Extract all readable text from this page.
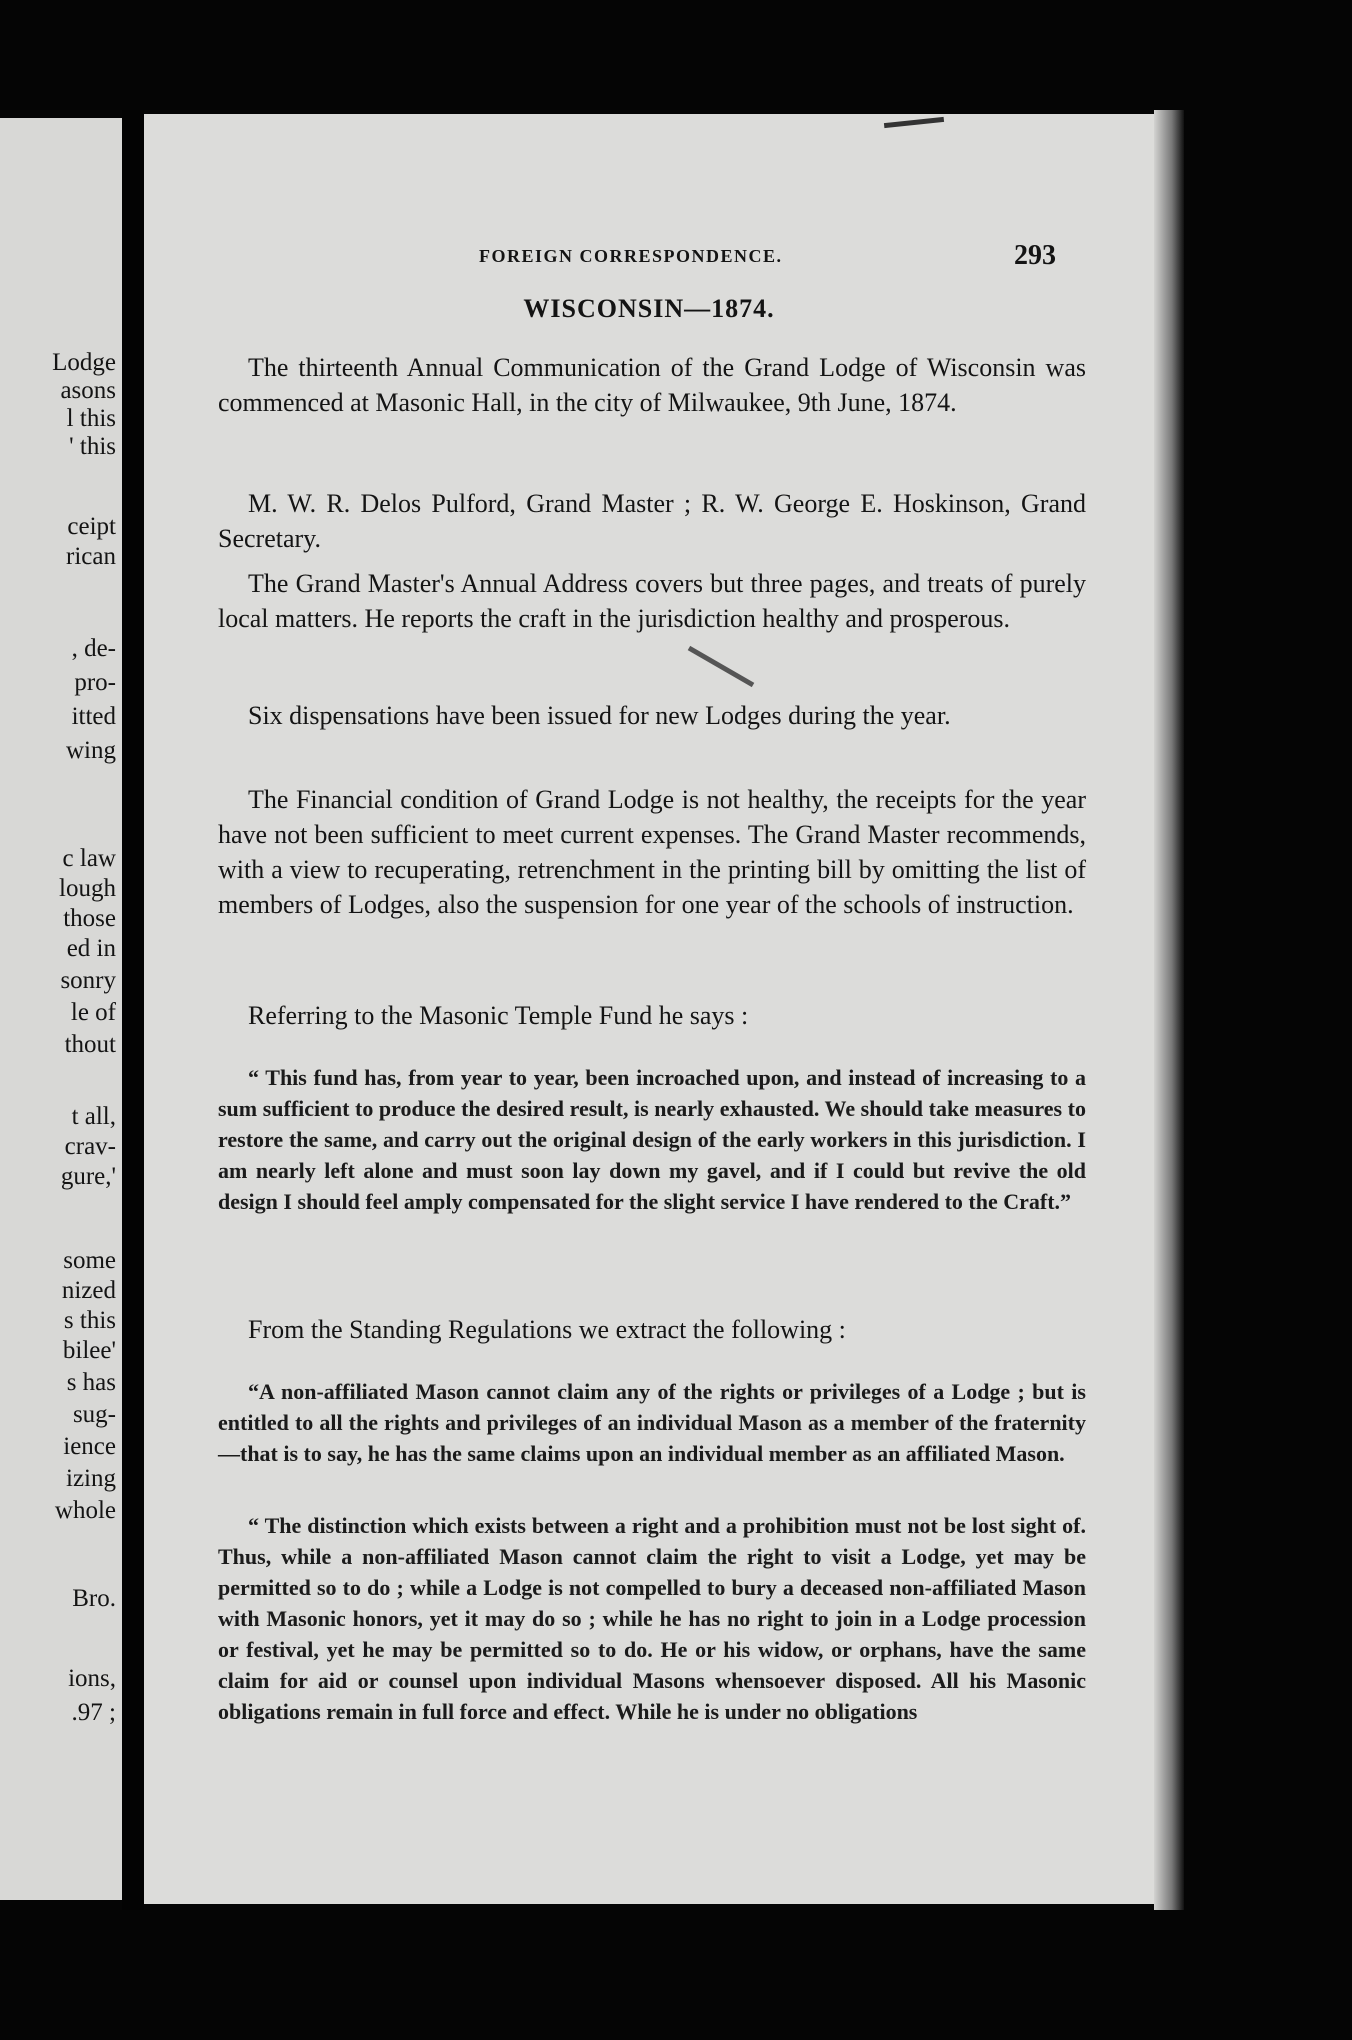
Lodge
asons
l this
' this
ceipt
rican
, de-
pro-
itted
wing
c law
lough
those
ed in
sonry
le of
thout
t all,
crav-
gure,'
some
nized
s this
bilee'
s has
sug-
ience
izing
whole
Bro.
ions,
.97 ;
FOREIGN CORRESPONDENCE.	293
WISCONSIN—1874.
The thirteenth Annual Communication of the Grand Lodge of Wisconsin was commenced at Masonic Hall, in the city of Milwaukee, 9th June, 1874.
M. W. R. Delos Pulford, Grand Master ; R. W. George E. Hoskinson, Grand Secretary.
The Grand Master's Annual Address covers but three pages, and treats of purely local matters. He reports the craft in the jurisdiction healthy and prosperous.
Six dispensations have been issued for new Lodges during the year.
The Financial condition of Grand Lodge is not healthy, the receipts for the year have not been sufficient to meet current expenses. The Grand Master recommends, with a view to recuperating, retrenchment in the printing bill by omitting the list of members of Lodges, also the suspension for one year of the schools of instruction.
Referring to the Masonic Temple Fund he says :
“ This fund has, from year to year, been incroached upon, and instead of increasing to a sum sufficient to produce the desired result, is nearly exhausted. We should take measures to restore the same, and carry out the original design of the early workers in this jurisdiction. I am nearly left alone and must soon lay down my gavel, and if I could but revive the old design I should feel amply compensated for the slight service I have rendered to the Craft.”
From the Standing Regulations we extract the following :
“A non-affiliated Mason cannot claim any of the rights or privileges of a Lodge ; but is entitled to all the rights and privileges of an individual Mason as a member of the fraternity—that is to say, he has the same claims upon an individual member as an affiliated Mason.
“ The distinction which exists between a right and a prohibition must not be lost sight of. Thus, while a non-affiliated Mason cannot claim the right to visit a Lodge, yet may be permitted so to do ; while a Lodge is not compelled to bury a deceased non-affiliated Mason with Masonic honors, yet it may do so ; while he has no right to join in a Lodge procession or festival, yet he may be permitted so to do. He or his widow, or orphans, have the same claim for aid or counsel upon individual Masons whensoever disposed. All his Masonic obligations remain in full force and effect. While he is under no obligations
